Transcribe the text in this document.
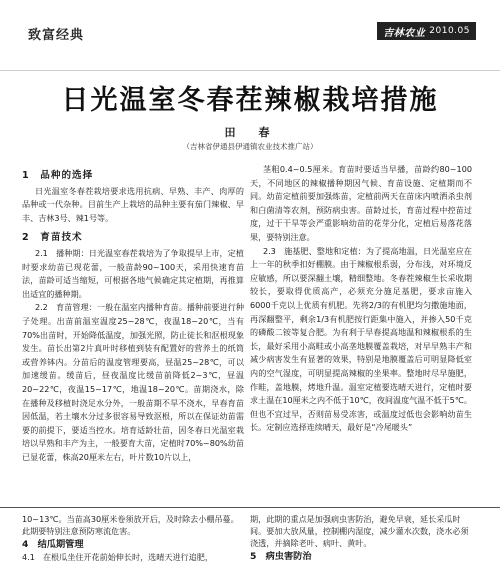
致富经典	吉林农业 2010.05
日光温室冬春茬辣椒栽培措施
田　春
（吉林省伊通县伊通镇农业技术推广站）
1　品种的选择

日光温室冬春茬栽培要求选用抗病、早熟、丰产、肉厚的品种或一代杂种。目前生产上栽培的品种主要有茄门辣椒、早丰、吉林3号、辣1号等。

2　育苗技术

2.1　播种期：日光温室春茬栽培为了争取提早上市，定植时要求幼苗已现花蕾，一般苗龄90~100天，采用快速育苗法，苗龄可适当缩短，可根据各地气候确定其定植期，再推算出适宜的播种期。

2.2　育苗管理：一般在温室内播种育苗。播种前要进行种子处理。出苗前温室温度25~28℃，夜温18~20℃，当有70%出苗时，开始降低温度，加强光照，防止徒长和沤根现象发生。苗长出第2片真叶时移植到装有配置好的营养土的纸筒或营养钵内。分苗后的温度管理要高，昼温25~28℃，可以加速缓苗。缓苗后，昼夜温度比缓苗前降低2~3℃，昼温20~22℃，夜温15~17℃，地温18~20℃。苗期浇水，除在播种及移植时浇足水分外，一般苗期不旱不浇水，早春育苗因低温，若土壤水分过多很容易导致沤根，所以在保证幼苗需要的前提下，要适当控水。培育适龄壮苗，因冬春日光温室栽培以早熟和丰产为主，一般要育大苗，定植时70%~80%幼苗已显花蕾，株高20厘米左右，叶片数10片以上，

茎粗0.4~0.5厘米。育苗时要适当早播，苗龄约80~100天，不同地区的辣椒播种期因气候、育苗设施、定植期而不同。幼苗定植前要加强炼苗，定植前两天在苗床内喷洒杀虫剂和白菌清等农剂，预防病虫害。苗龄过长，育苗过程中控苗过度，过于干旱等会严重影响幼苗的花芽分化，定植后易落花落果，要特别注意。

2.3　施基肥、整地和定植：为了提高地温，日光温室应在上一年的秋季扣好棚膜。由于辣椒根系弱，分布浅，对环境反应敏感，所以要深翻土壤，精细整地。冬春茬辣椒生长采收期较长，要取得优质高产，必须充分施足基肥，要求亩施入6000千克以上优质有机肥。先将2/3的有机肥均匀撒施地面，再深翻整平，剩余1/3有机肥按行距集中施入，并掺入50千克的磷酸二铵等复合肥。为有利于早春提高地温和辣椒根系的生长，最好采用小高畦或小高垄地膜覆盖栽培，对早早熟丰产和减少病害发生有显著的效果，特别是地膜覆盖后可明显降低室内的空气湿度，可明显提高辣椒的坐果率。整地时尽早施肥，作畦，盖地膜，烤地升温。温室定植要选晴天进行，定植时要求土温在10厘米之内不低于10℃，夜间温度气温不低于5℃。但也不宜过早，否则苗易受冻害，或温度过低也会影响幼苗生长。定制应选择连续晴天，最好是“冷尾暖头”

10~13℃。当苗高30厘米卷须放开后，及时除去小棚吊蔓。此期要特别注意预防寒流危害。

4　结瓜期管理

4.1　在根瓜坐住开花前始伸长时，选晴天进行追肥，

期，此期的重点是加强病虫害防治，避免早衰，延长采瓜时间。要加大放风量，控制棚内湿度，减少灌水次数，浇水必须浇透，并摘除老叶、病叶、黄叶。

5　病虫害防治
